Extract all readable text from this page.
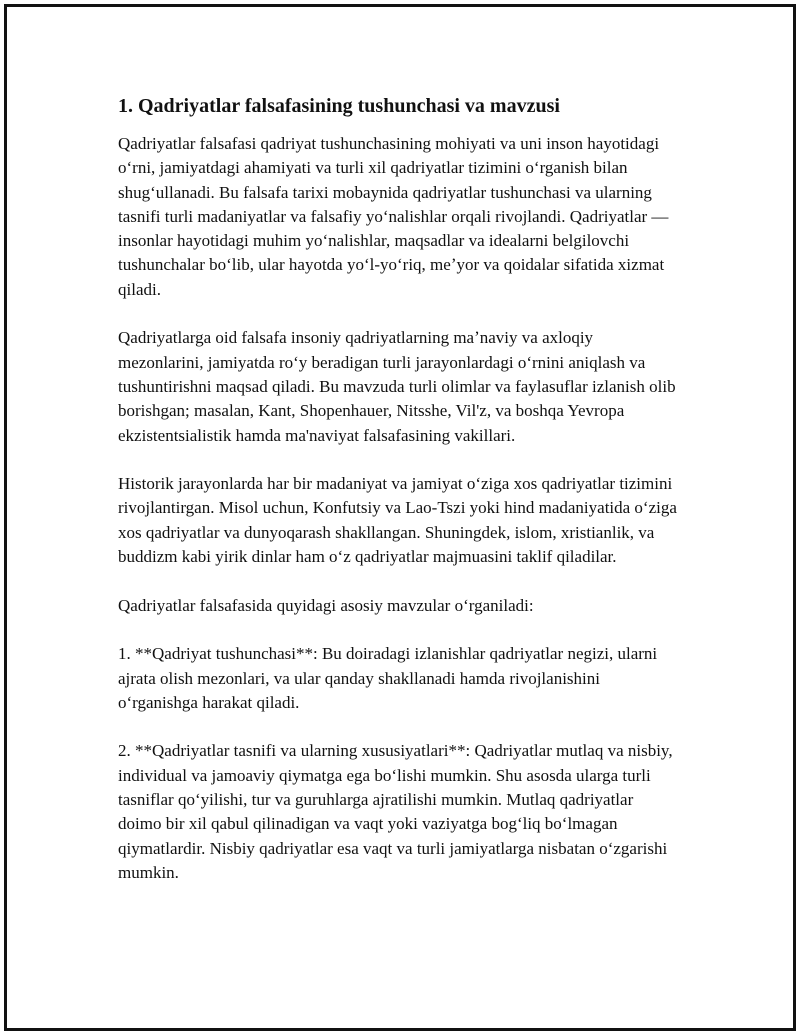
1. Qadriyatlar falsafasining tushunchasi va mavzusi

Qadriyatlar falsafasi qadriyat tushunchasining mohiyati va uni inson hayotidagi oʻrni, jamiyatdagi ahamiyati va turli xil qadriyatlar tizimini oʻrganish bilan shugʻullanadi. Bu falsafa tarixi mobaynida qadriyatlar tushunchasi va ularning tasnifi turli madaniyatlar va falsafiy yoʻnalishlar orqali rivojlandi. Qadriyatlar — insonlar hayotidagi muhim yoʻnalishlar, maqsadlar va idealarni belgilovchi tushunchalar boʻlib, ular hayotda yoʻl-yoʻriq, meʼyor va qoidalar sifatida xizmat qiladi.

Qadriyatlarga oid falsafa insoniy qadriyatlarning maʼnaviy va axloqiy mezonlarini, jamiyatda roʻy beradigan turli jarayonlardagi oʻrnini aniqlash va tushuntirishni maqsad qiladi. Bu mavzuda turli olimlar va faylasuflar izlanish olib borishgan; masalan, Kant, Shopenhauer, Nitsshe, Vil'z, va boshqa Yevropa ekzistentsialistik hamda ma'naviyat falsafasining vakillari.

Historik jarayonlarda har bir madaniyat va jamiyat oʻziga xos qadriyatlar tizimini rivojlantirgan. Misol uchun, Konfutsiy va Lao-Tszi yoki hind madaniyatida oʻziga xos qadriyatlar va dunyoqarash shakllangan. Shuningdek, islom, xristianlik, va buddizm kabi yirik dinlar ham oʻz qadriyatlar majmuasini taklif qiladilar.

Qadriyatlar falsafasida quyidagi asosiy mavzular oʻrganiladi:

1. **Qadriyat tushunchasi**: Bu doiradagi izlanishlar qadriyatlar negizi, ularni ajrata olish mezonlari, va ular qanday shakllanadi hamda rivojlanishini oʻrganishga harakat qiladi.

2. **Qadriyatlar tasnifi va ularning xususiyatlari**: Qadriyatlar mutlaq va nisbiy, individual va jamoaviy qiymatga ega boʻlishi mumkin. Shu asosda ularga turli tasniflar qoʻyilishi, tur va guruhlarga ajratilishi mumkin. Mutlaq qadriyatlar doimo bir xil qabul qilinadigan va vaqt yoki vaziyatga bogʻliq boʻlmagan qiymatlardir. Nisbiy qadriyatlar esa vaqt va turli jamiyatlarga nisbatan oʻzgarishi mumkin.
